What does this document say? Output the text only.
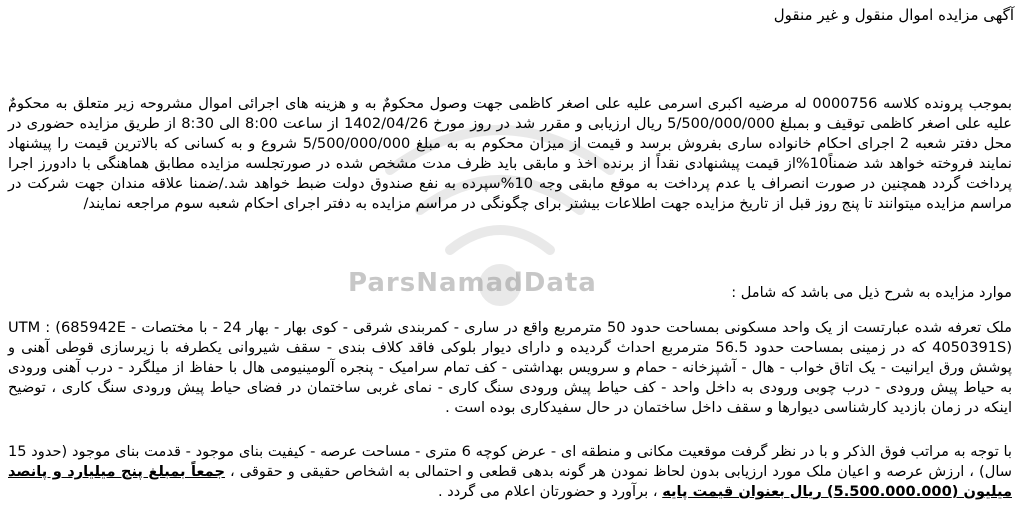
آگهی مزایده اموال منقول و غیر منقول
ParsNamadData

بموجب پرونده کلاسه 0000756 له مرضیه اکبری اسرمی علیه علی اصغر کاظمی جهت وصول محکومٌ به و هزینه های اجرائی اموال مشروحه زیر متعلق به محکومٌ علیه علی اصغر کاظمی توقیف و بمبلغ 5/500/000/000 ریال ارزیابی و مقرر شد در روز مورخ 1402/04/26 از ساعت 8:00 الی 8:30 از طریق مزایده حضوری در محل دفتر شعبه 2 اجرای احکام خانواده ساری بفروش برسد و قیمت از میزان محکوم به به مبلغ 5/500/000/000 شروع و به کسانی که بالاترین قیمت را پیشنهاد نمایند فروخته خواهد شد ضمناً10%از قیمت پیشنهادی نقداً از برنده اخذ و مابقی باید ظرف مدت مشخص شده در صورتجلسه مزایده مطابق هماهنگی با دادورز اجرا پرداخت گردد همچنین در صورت انصراف یا عدم پرداخت به موقع مابقی وجه 10%سپرده به نفع صندوق دولت ضبط خواهد شد./ضمنا علاقه مندان جهت شرکت در مراسم مزایده میتوانند تا پنج روز قبل از تاریخ مزایده جهت اطلاعات بیشتر برای چگونگی در مراسم مزایده به دفتر اجرای احکام شعبه سوم مراجعه نمایند/

موارد مزایده به شرح ذیل می باشد که شامل :

ملک تعرفه شده عبارتست از یک واحد مسکونی بمساحت حدود 50 مترمربع واقع در ساری - کمربندی شرقی - کوی بهار - بهار 24 - با مختصات UTM : (685942E - 4050391S) که در زمینی بمساحت حدود 56.5 مترمربع احداث گردیده و دارای دیوار بلوکی فاقد کلاف بندی - سقف شیروانی یکطرفه با زیرسازی قوطی آهنی و پوشش ورق ایرانیت - یک اتاق خواب - هال - آشپزخانه - حمام و سرویس بهداشتی - کف تمام سرامیک - پنجره آلومینیومی هال با حفاظ از میلگرد - درب آهنی ورودی به حیاط پیش ورودی - درب چوبی ورودی به داخل واحد - کف حیاط پیش ورودی سنگ کاری - نمای غربی ساختمان در فضای حیاط پیش ورودی سنگ کاری ، توضیح اینکه در زمان بازدید کارشناسی دیوارها و سقف داخل ساختمان در حال سفیدکاری بوده است .

با توجه به مراتب فوق الذکر و با در نظر گرفت موقعیت مکانی و منطقه ای - عرض کوچه 6 متری - مساحت عرصه - کیفیت بنای موجود - قدمت بنای موجود (حدود 15 سال) ، ارزش عرصه و اعیان ملک مورد ارزیابی بدون لحاظ نمودن هر گونه بدهی قطعی و احتمالی به اشخاص حقیقی و حقوقی ، جمعاً بمبلغ پنج میلیارد و پانصد میلیون (5.500.000.000) ریال بعنوان قیمت پایه ، برآورد و حضورتان اعلام می گردد .
